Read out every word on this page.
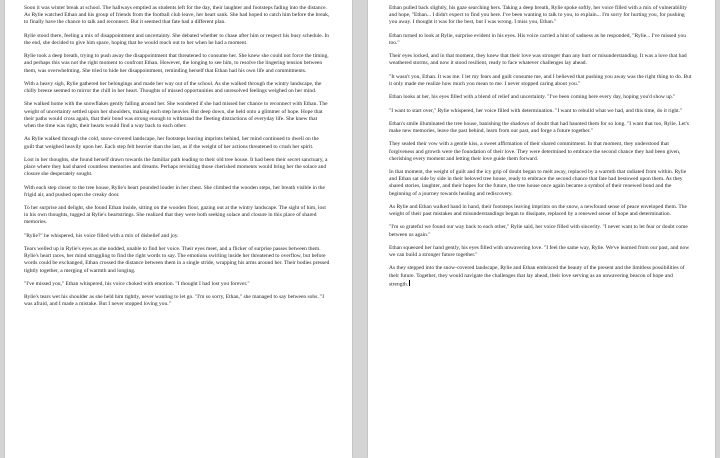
Soon it was winter break at school. The hallways emptied as students left for the day, their laughter and footsteps fading into the distance. As Rylie watched Ethan and his group of friends from the football club leave, her heart sank. She had hoped to catch him before the break, to finally have the chance to talk and reconnect. But it seemed that fate had a different plan.

Rylie stood there, feeling a mix of disappointment and uncertainty. She debated whether to chase after him or respect his busy schedule. In the end, she decided to give him space, hoping that he would reach out to her when he had a moment.

Rylie took a deep breath, trying to push away the disappointment that threatened to consume her. She knew she could not force the timing, and perhaps this was not the right moment to confront Ethan. However, the longing to see him, to resolve the lingering tension between them, was overwhelming. She tried to hide her disappointment, reminding herself that Ethan had his own life and commitments.

With a heavy sigh, Rylie gathered her belongings and made her way out of the school. As she walked through the wintry landscape, the chilly breeze seemed to mirror the chill in her heart. Thoughts of missed opportunities and unresolved feelings weighed on her mind.

She walked home with the snowflakes gently falling around her. She wondered if she had missed her chance to reconnect with Ethan. The weight of uncertainty settled upon her shoulders, making each step heavier. But deep down, she held onto a glimmer of hope. Hope that their paths would cross again, that their bond was strong enough to withstand the fleeting distractions of everyday life. She knew that when the time was right, their hearts would find a way back to each other.

As Rylie walked through the cold, snow-covered landscape, her footsteps leaving imprints behind, her mind continued to dwell on the guilt that weighed heavily upon her. Each step felt heavier than the last, as if the weight of her actions threatened to crush her spirit.

Lost in her thoughts, she found herself drawn towards the familiar path leading to their old tree house. It had been their secret sanctuary, a place where they had shared countless memories and dreams. Perhaps revisiting those cherished moments would bring her the solace and closure she desperately sought.

With each step closer to the tree house, Rylie's heart pounded louder in her chest. She climbed the wooden steps, her breath visible in the frigid air, and pushed open the creaky door.

To her surprise and delight, she found Ethan inside, sitting on the wooden floor, gazing out at the wintry landscape. The sight of him, lost in his own thoughts, tugged at Rylie's heartstrings. She realized that they were both seeking solace and closure in this place of shared memories.

"Rylie?" he whispered, his voice filled with a mix of disbelief and joy.

Tears welled up in Rylie's eyes as she nodded, unable to find her voice. Their eyes meet, and a flicker of surprise passes between them. Rylie's heart races, her mind struggling to find the right words to say. The emotions swirling inside her threatened to overflow, but before words could be exchanged, Ethan crossed the distance between them in a single stride, wrapping his arms around her. Their bodies pressed tightly together, a merging of warmth and longing.

"I've missed you," Ethan whispered, his voice choked with emotion. "I thought I had lost you forever."

Rylie's tears wet his shoulder as she held him tightly, never wanting to let go. "I'm so sorry, Ethan," she managed to say between sobs. "I was afraid, and I made a mistake. But I never stopped loving you."

Ethan pulled back slightly, his gaze searching hers. Taking a deep breath, Rylie spoke softly, her voice filled with a mix of vulnerability and hope, "Ethan... I didn't expect to find you here. I've been wanting to talk to you, to explain... I'm sorry for hurting you, for pushing you away. I thought it was for the best, but I was wrong. I miss you, Ethan."

Ethan turned to look at Rylie, surprise evident in his eyes. His voice carried a hint of sadness as he responded, "Rylie... I've missed you too."

Their eyes locked, and in that moment, they knew that their love was stronger than any hurt or misunderstanding. It was a love that had weathered storms, and now it stood resilient, ready to face whatever challenges lay ahead.

"It wasn't you, Ethan. It was me. I let my fears and guilt consume me, and I believed that pushing you away was the right thing to do. But it only made me realize how much you mean to me. I never stopped caring about you."

Ethan looks at her, his eyes filled with a blend of relief and uncertainty. "I've been coming here every day, hoping you'd show up."

"I want to start over," Rylie whispered, her voice filled with determination. "I want to rebuild what we had, and this time, do it right."

Ethan's smile illuminated the tree house, banishing the shadows of doubt that had haunted them for so long. "I want that too, Rylie. Let's make new memories, leave the past behind, learn from our past, and forge a future together."

They sealed their vow with a gentle kiss, a sweet affirmation of their shared commitment. In that moment, they understood that forgiveness and growth were the foundation of their love. They were determined to embrace the second chance they had been given, cherishing every moment and letting their love guide them forward.

In that moment, the weight of guilt and the icy grip of doubt began to melt away, replaced by a warmth that radiated from within. Rylie and Ethan sat side by side in their beloved tree house, ready to embrace the second chance that fate had bestowed upon them. As they shared stories, laughter, and their hopes for the future, the tree house once again became a symbol of their renewed bond and the beginning of a journey towards healing and rediscovery.

As Rylie and Ethan walked hand in hand, their footsteps leaving imprints on the snow, a newfound sense of peace enveloped them. The weight of their past mistakes and misunderstandings began to dissipate, replaced by a renewed sense of hope and determination.

"I'm so grateful we found our way back to each other," Rylie said, her voice filled with sincerity. "I never want to let fear or doubt come between us again."

Ethan squeezed her hand gently, his eyes filled with unwavering love. "I feel the same way, Rylie. We've learned from our past, and now we can build a stronger future together."

As they stepped into the snow-covered landscape, Rylie and Ethan embraced the beauty of the present and the limitless possibilities of their future. Together, they would navigate the challenges that lay ahead, their love serving as an unwavering beacon of hope and strength.
